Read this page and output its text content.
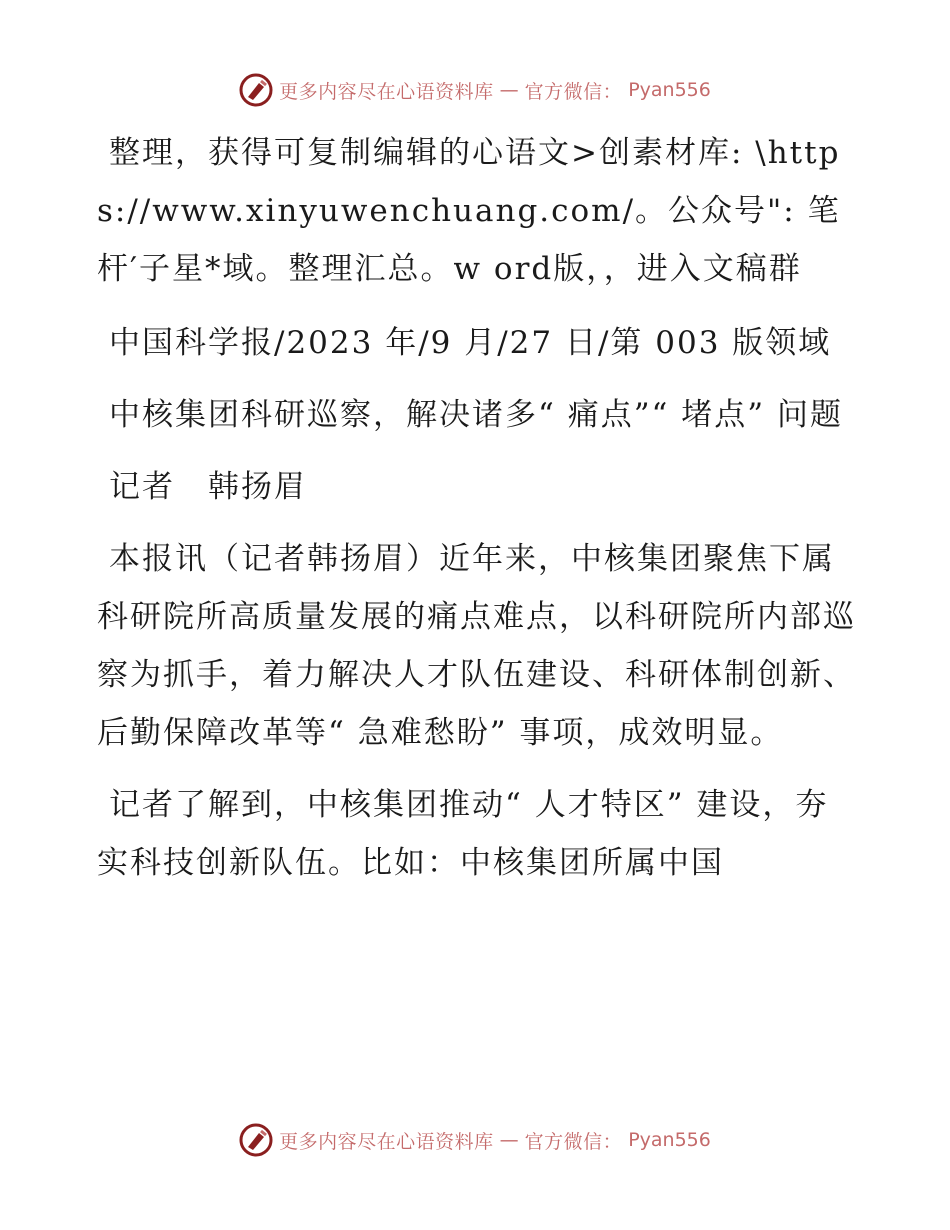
更多内容尽在心语资料库 — 官方微信： Pyan556

整理，获得可复制编辑的心语文>创素材库: \https://www.xinyuwenchuang.com/。公众号": 笔杆′子星*域。整理汇总。w ord版，，进入文稿群

中国科学报/2023 年/9 月/27 日/第 003 版领域

中核集团科研巡察，解决诸多“ 痛点”“ 堵点” 问题

记者　韩扬眉

本报讯（记者韩扬眉）近年来，中核集团聚焦下属科研院所高质量发展的痛点难点，以科研院所内部巡察为抓手，着力解决人才队伍建设、科研体制创新、后勤保障改革等“ 急难愁盼” 事项，成效明显。

记者了解到，中核集团推动“ 人才特区” 建设，夯实科技创新队伍。比如：中核集团所属中国

更多内容尽在心语资料库 — 官方微信： Pyan556
